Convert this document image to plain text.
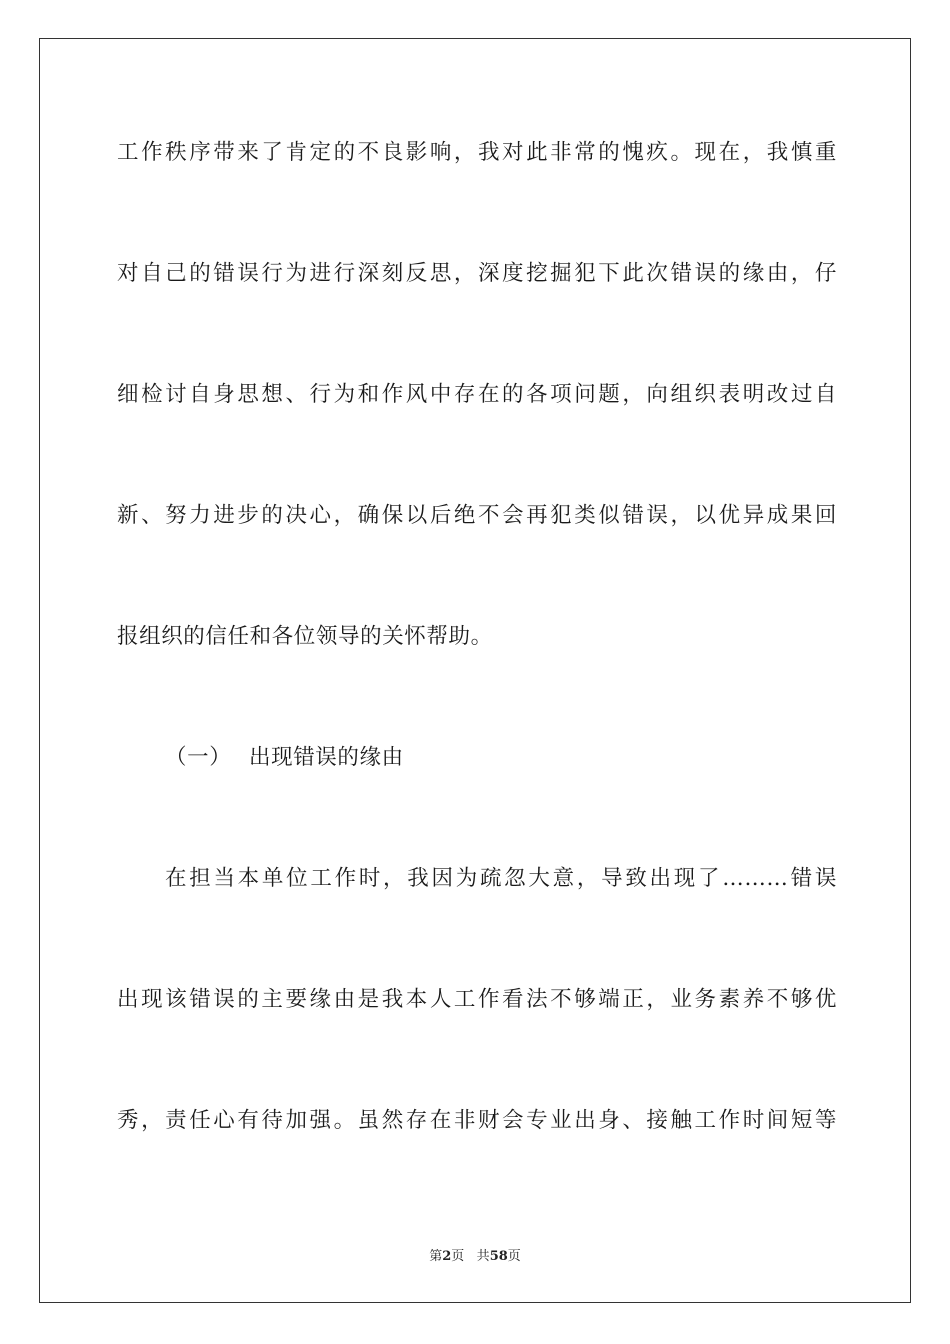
工作秩序带来了肯定的不良影响，我对此非常的愧疚。现在，我慎重
对自己的错误行为进行深刻反思，深度挖掘犯下此次错误的缘由，仔
细检讨自身思想、行为和作风中存在的各项问题，向组织表明改过自
新、努力进步的决心，确保以后绝不会再犯类似错误，以优异成果回
报组织的信任和各位领导的关怀帮助。
（一） 出现错误的缘由
在担当本单位工作时，我因为疏忽大意，导致出现了………错误
出现该错误的主要缘由是我本人工作看法不够端正，业务素养不够优
秀，责任心有待加强。虽然存在非财会专业出身、接触工作时间短等
第2页 共58页
